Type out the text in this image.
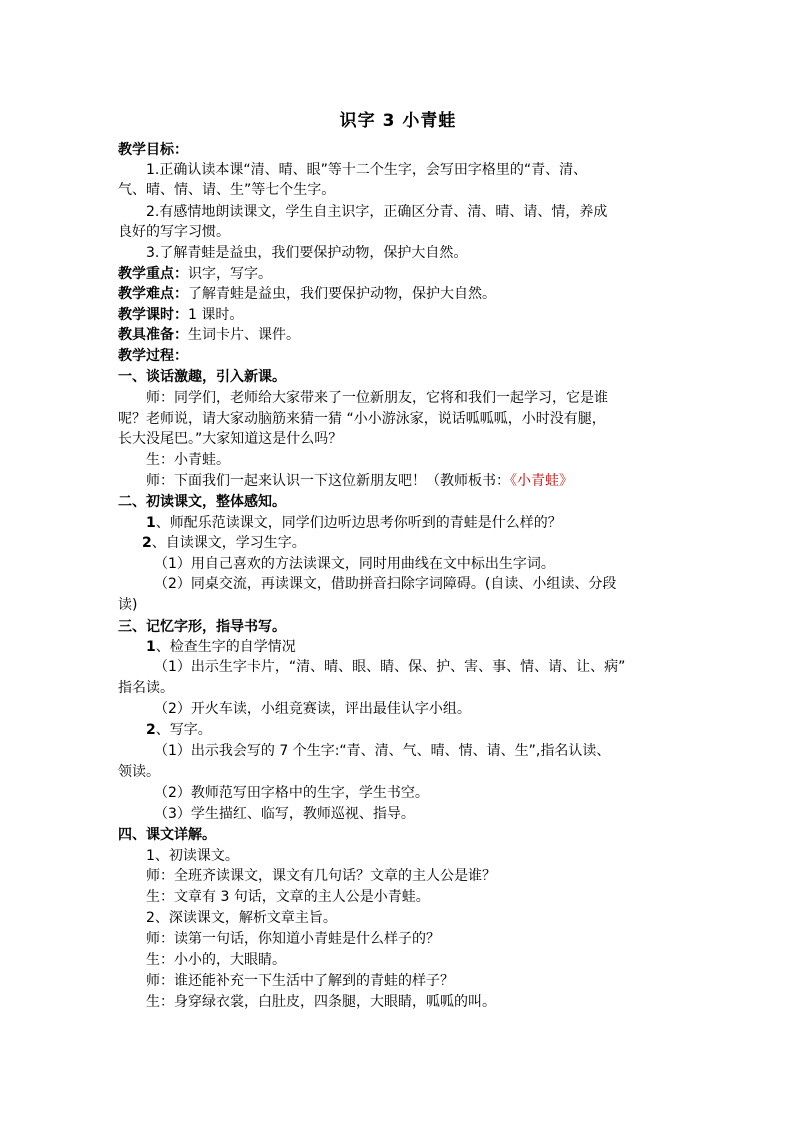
识字 3 小青蛙
教学目标：
1.正确认读本课“清、晴、眼”等十二个生字，会写田字格里的“青、清、
气、晴、情、请、生”等七个生字。
2.有感情地朗读课文，学生自主识字，正确区分青、清、晴、请、情，养成
良好的写字习惯。
3.了解青蛙是益虫，我们要保护动物，保护大自然。
教学重点：识字，写字。
教学难点：了解青蛙是益虫，我们要保护动物，保护大自然。
教学课时：1 课时。
教具准备：生词卡片、课件。
教学过程：
一、谈话激趣，引入新课。
师：同学们，老师给大家带来了一位新朋友，它将和我们一起学习，它是谁
呢？老师说，请大家动脑筋来猜一猜 “小小游泳家，说话呱呱呱，小时没有腿，
长大没尾巴。”大家知道这是什么吗？
生：小青蛙。
师：下面我们一起来认识一下这位新朋友吧！（教师板书：《小青蛙》
二、初读课文，整体感知。
1、师配乐范读课文，同学们边听边思考你听到的青蛙是什么样的？
2、自读课文，学习生字。
（1）用自己喜欢的方法读课文，同时用曲线在文中标出生字词。
（2）同桌交流，再读课文，借助拼音扫除字词障碍。(自读、小组读、分段
读)
三、记忆字形，指导书写。
1、检查生字的自学情况
（1）出示生字卡片，“清、晴、眼、睛、保、护、害、事、情、请、让、病”
指名读。
（2）开火车读，小组竞赛读，评出最佳认字小组。
2、写字。
（1）出示我会写的 7 个生字:“青、清、气、晴、情、请、生”,指名认读、
领读。
（2）教师范写田字格中的生字，学生书空。
（3）学生描红、临写，教师巡视、指导。
四、课文详解。
1、初读课文。
师：全班齐读课文，课文有几句话？文章的主人公是谁？
生：文章有 3 句话，文章的主人公是小青蛙。
2、深读课文，解析文章主旨。
师：读第一句话，你知道小青蛙是什么样子的？
生：小小的，大眼睛。
师：谁还能补充一下生活中了解到的青蛙的样子？
生：身穿绿衣裳，白肚皮，四条腿，大眼睛，呱呱的叫。
